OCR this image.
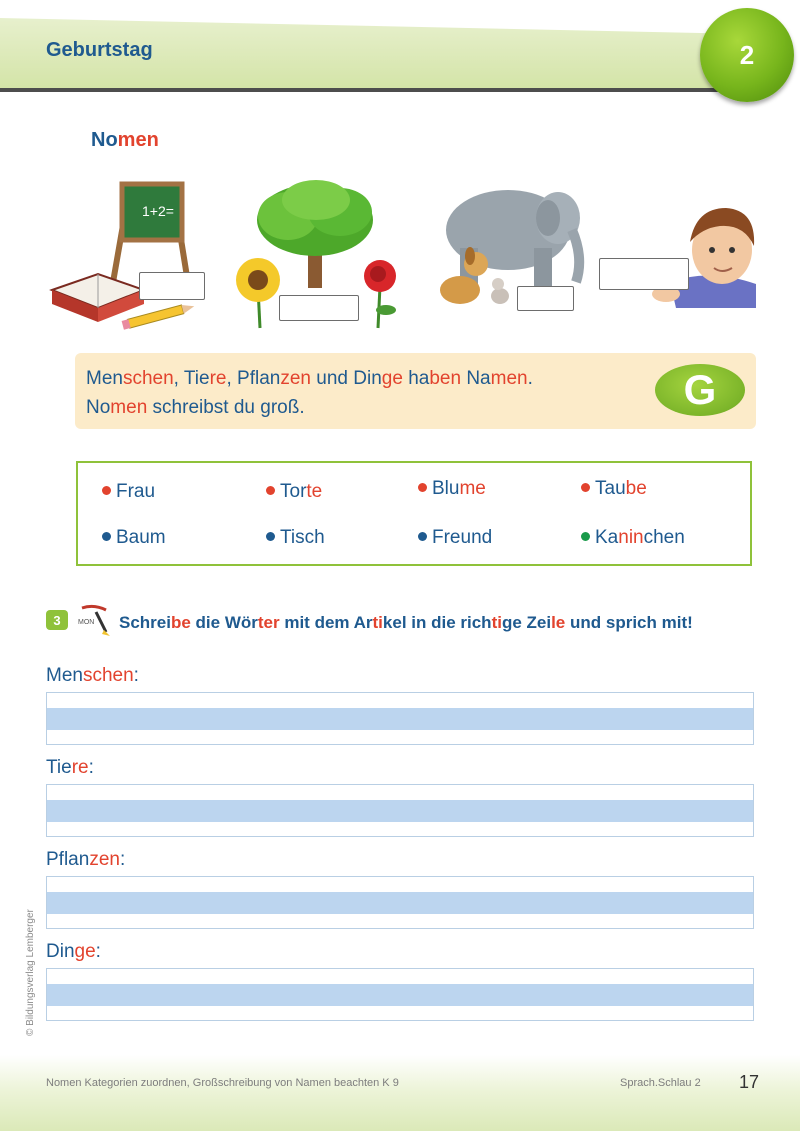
Geburtstag	2
Nomen
1+2=
Menschen, Tiere, Pflanzen und Dinge haben Namen.
Nomen schreibst du groß.	G
Frau	Torte	Blume	Taube
Baum	Tisch	Freund	Kaninchen
3	MON Schreibe die Wörter mit dem Artikel in die richtige Zeile und sprich mit!
Menschen:
Tiere:
Pflanzen:
Dinge:
© Bildungsverlag Lemberger
Nomen Kategorien zuordnen, Großschreibung von Namen beachten K 9	Sprach.Schlau 2 17
